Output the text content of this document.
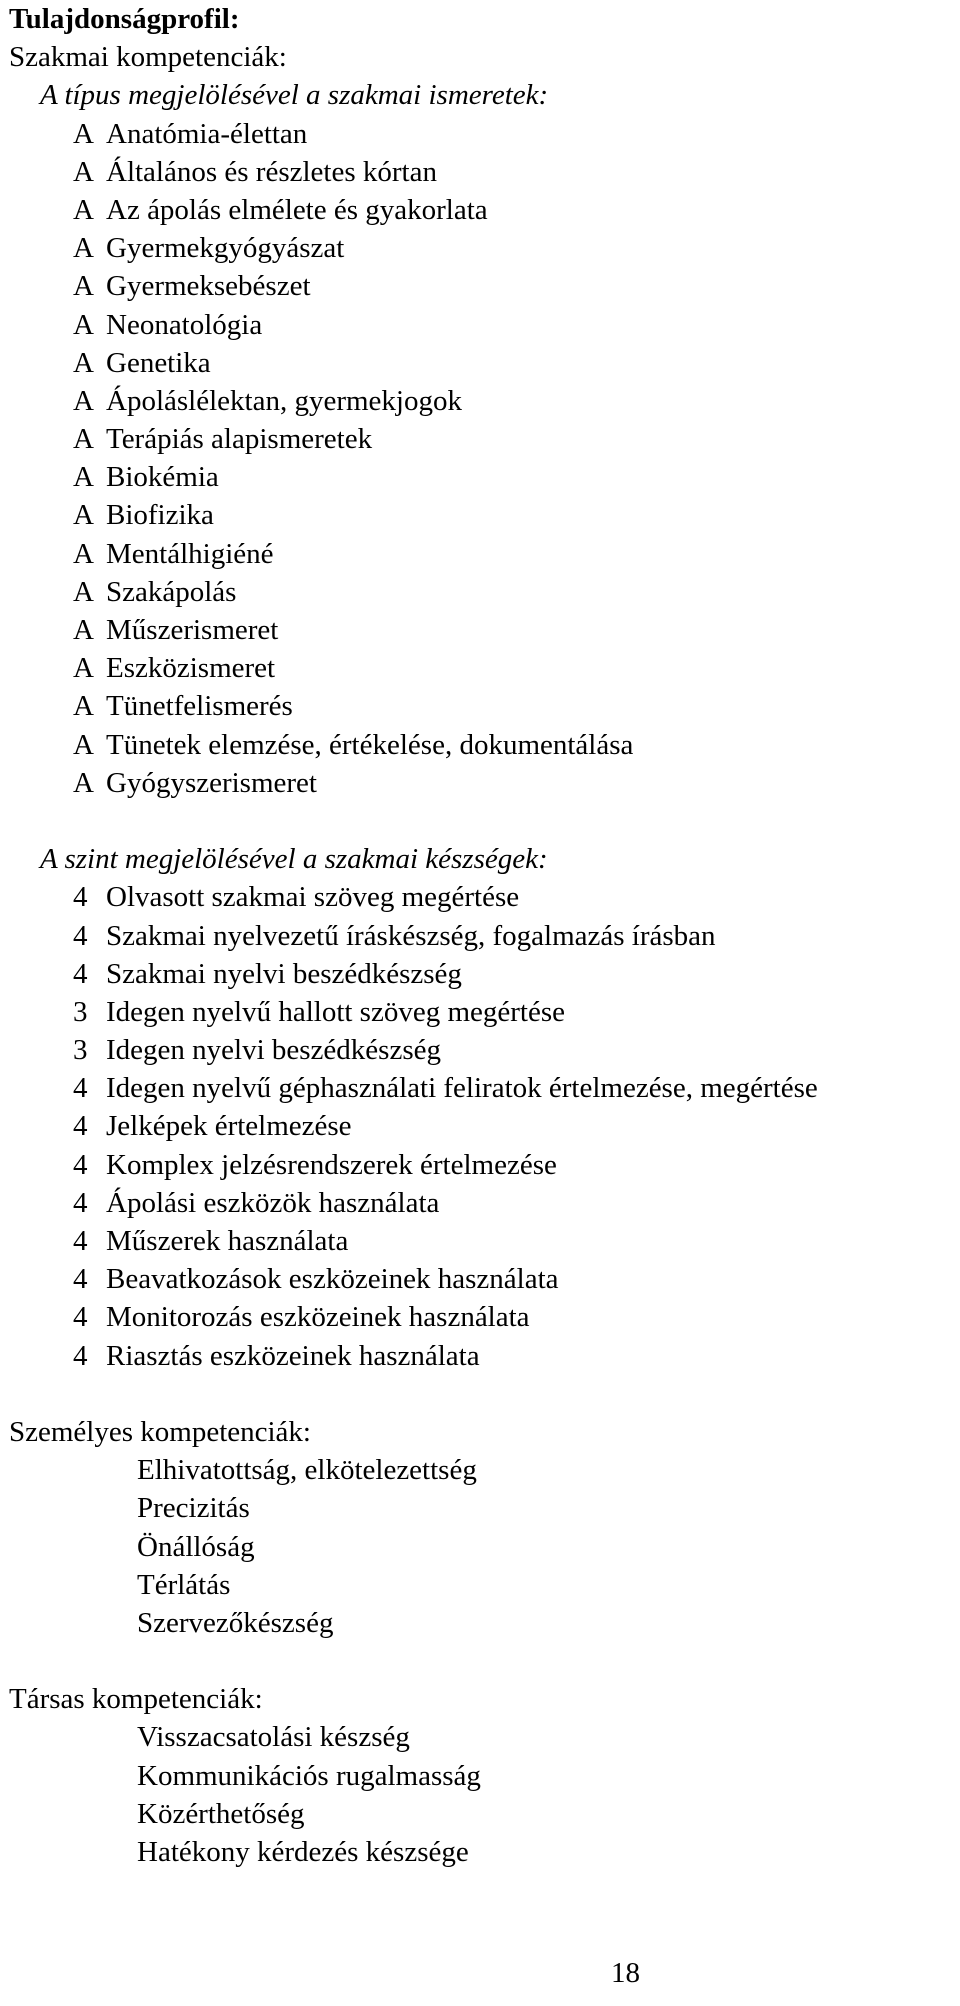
Tulajdonságprofil:
Szakmai kompetenciák:
A típus megjelölésével a szakmai ismeretek:
A Anatómia-élettan
A Általános és részletes kórtan
A Az ápolás elmélete és gyakorlata
A Gyermekgyógyászat
A Gyermeksebészet
A Neonatológia
A Genetika
A Ápoláslélektan, gyermekjogok
A Terápiás alapismeretek
A Biokémia
A Biofizika
A Mentálhigiéné
A Szakápolás
A Műszerismeret
A Eszközismeret
A Tünetfelismerés
A Tünetek elemzése, értékelése, dokumentálása
A Gyógyszerismeret
A szint megjelölésével a szakmai készségek:
4 Olvasott szakmai szöveg megértése
4 Szakmai nyelvezetű íráskészség, fogalmazás írásban
4 Szakmai nyelvi beszédkészség
3 Idegen nyelvű hallott szöveg megértése
3 Idegen nyelvi beszédkészség
4 Idegen nyelvű géphasználati feliratok értelmezése, megértése
4 Jelképek értelmezése
4 Komplex jelzésrendszerek értelmezése
4 Ápolási eszközök használata
4 Műszerek használata
4 Beavatkozások eszközeinek használata
4 Monitorozás eszközeinek használata
4 Riasztás eszközeinek használata
Személyes kompetenciák:
Elhivatottság, elkötelezettség
Precizitás
Önállóság
Térlátás
Szervezőkészség
Társas kompetenciák:
Visszacsatolási készség
Kommunikációs rugalmasság
Közérthetőség
Hatékony kérdezés készsége
18
